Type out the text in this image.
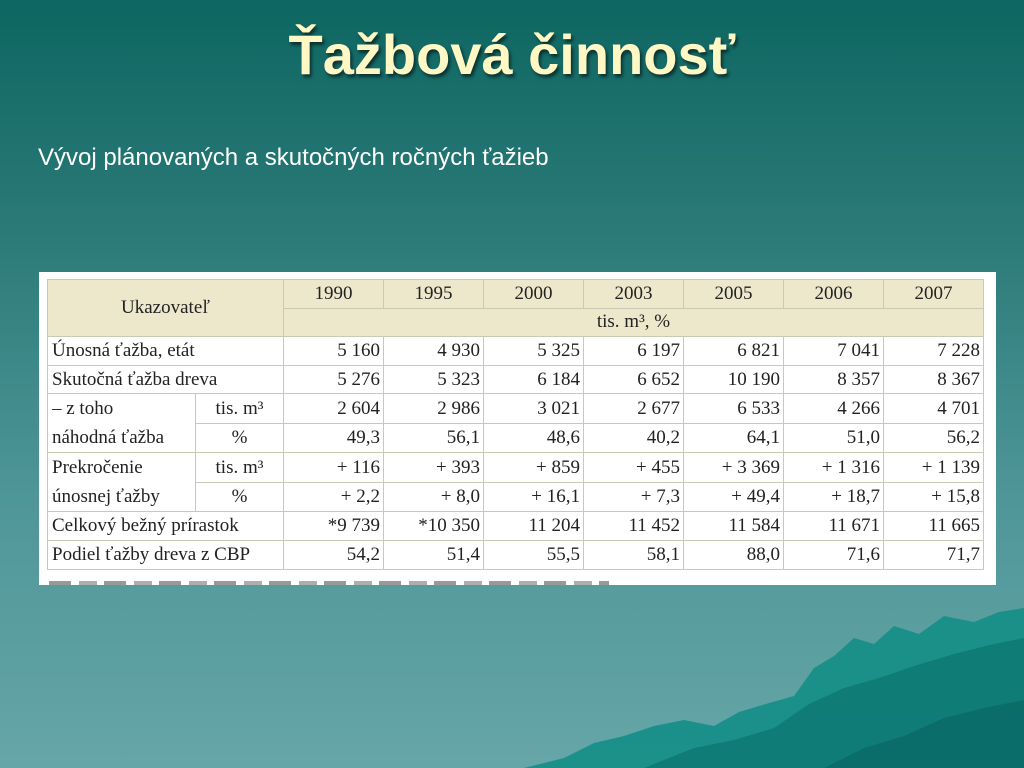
Ťažbová činnosť
Vývoj plánovaných a skutočných ročných ťažieb
Ukazovateľ		1990	1995	2000	2003	2005	2006	2007
		tis. m³, %						
Únosná ťažba, etát		5 160	4 930	5 325	6 197	6 821	7 041	7 228
Skutočná ťažba dreva		5 276	5 323	6 184	6 652	10 190	8 357	8 367

– z toho
náhodná ťažba	tis. m³	2 604	2 986	3 021	2 677	6 533	4 266	4 701
	%	49,3	56,1	48,6	40,2	64,1	51,0	56,2

Prekročenie
únosnej ťažby	tis. m³	+ 116	+ 393	+ 859	+ 455	+ 3 369	+ 1 316	+ 1 139
	%	+ 2,2	+ 8,0	+ 16,1	+ 7,3	+ 49,4	+ 18,7	+ 15,8
Celkový bežný prírastok		*9 739	*10 350	11 204	11 452	11 584	11 671	11 665
Podiel ťažby dreva z CBP		54,2	51,4	55,5	58,1	88,0	71,6	71,7
